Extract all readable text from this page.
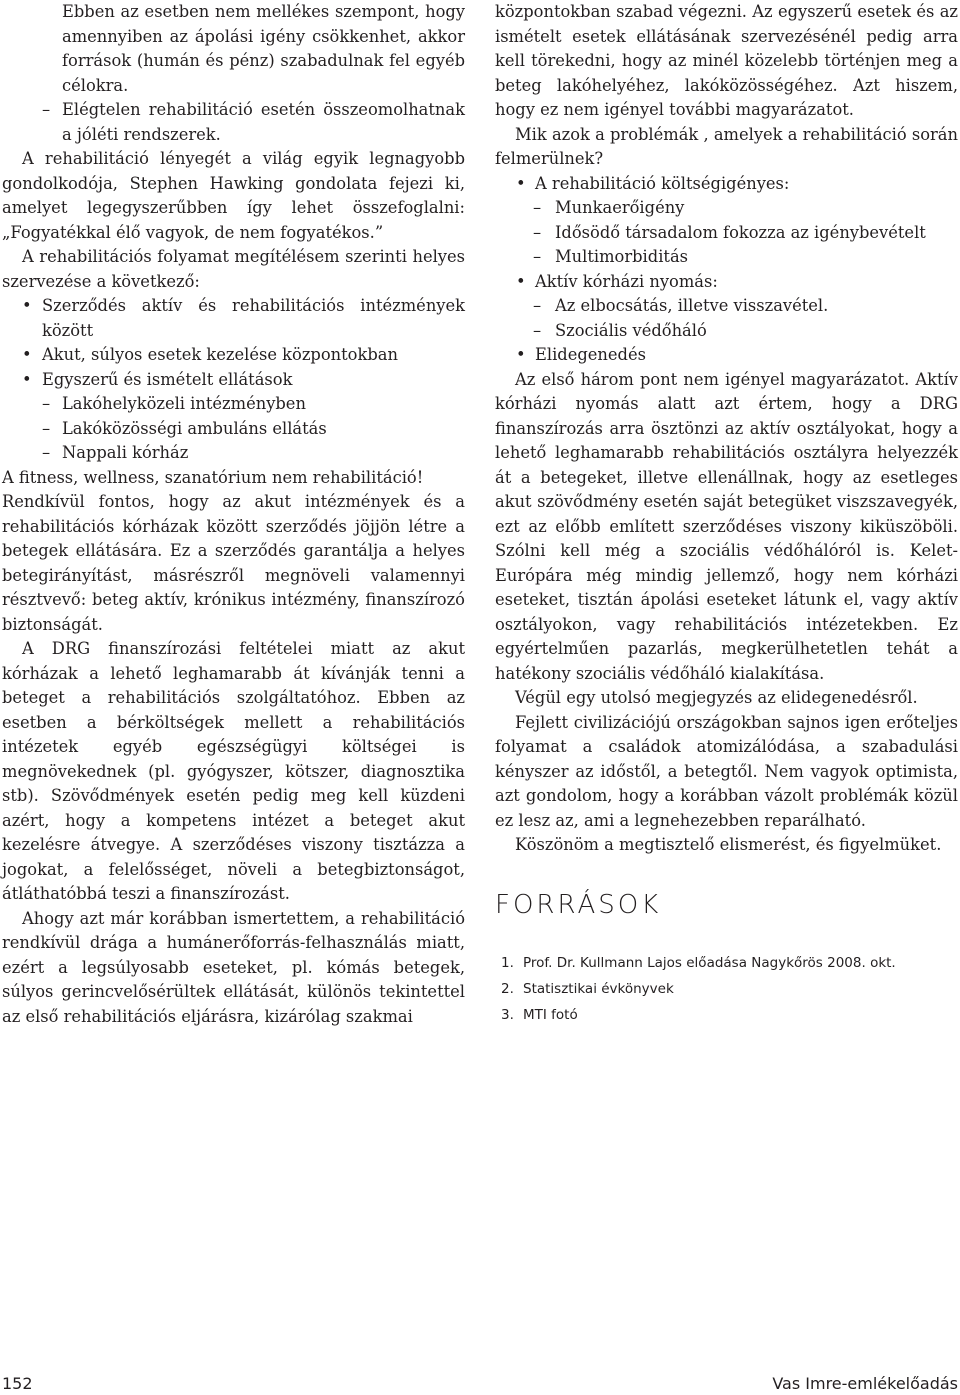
Ebben az esetben nem mellékes szempont, hogy amennyiben az ápolási igény csökkenhet, akkor források (humán és pénz) szabadulnak fel egyéb célokra.

– Elégtelen rehabilitáció esetén összeomolhatnak a jóléti rendszerek.

A rehabilitáció lényegét a világ egyik legnagyobb gondolkodója, Stephen Hawking gondolata fejezi ki, amelyet legegyszerűbben így lehet összefoglalni: „Fogyatékkal élő vagyok, de nem fogyatékos.”

A rehabilitációs folyamat megítélésem szerinti helyes szervezése a következő:

• Szerződés aktív és rehabilitációs intézmények között

• Akut, súlyos esetek kezelése központokban

• Egyszerű és ismételt ellátások

– Lakóhelyközeli intézményben

– Lakóközösségi ambuláns ellátás

– Nappali kórház

A fitness, wellness, szanatórium nem rehabilitáció!

Rendkívül fontos, hogy az akut intézmények és a rehabilitációs kórházak között szerződés jöjjön létre a betegek ellátására. Ez a szerződés garantálja a helyes betegirányítást, másrészről megnöveli valamennyi résztvevő: beteg aktív, krónikus intézmény, finanszírozó biztonságát.

A DRG finanszírozási feltételei miatt az akut kórházak a lehető leghamarabb át kívánják tenni a beteget a rehabilitációs szolgáltatóhoz. Ebben az esetben a bérköltségek mellett a rehabilitációs intézetek egyéb egészségügyi költségei is megnövekednek (pl. gyógyszer, kötszer, diagnosztika stb). Szövődmények esetén pedig meg kell küzdeni azért, hogy a kompetens intézet a beteget akut kezelésre átvegye. A szerződéses viszony tisztázza a jogokat, a felelősséget, növeli a betegbiztonságot, átláthatóbbá teszi a finanszírozást.

Ahogy azt már korábban ismertettem, a rehabilitáció rendkívül drága a humánerőforrás-felhasználás miatt, ezért a legsúlyosabb eseteket, pl. kómás betegek, súlyos gerincvelősérültek ellátását, különös tekintettel az első rehabilitációs eljárásra, kizárólag szakmai

központokban szabad végezni. Az egyszerű esetek és az ismételt esetek ellátásának szervezésénél pedig arra kell törekedni, hogy az minél közelebb történjen meg a beteg lakóhelyéhez, lakóközösségéhez. Azt hiszem, hogy ez nem igényel további magyarázatot.

Mik azok a problémák , amelyek a rehabilitáció során felmerülnek?

• A rehabilitáció költségigényes:

– Munkaerőigény

– Idősödő társadalom fokozza az igénybevételt

– Multimorbiditás

• Aktív kórházi nyomás:

– Az elbocsátás, illetve visszavétel.

– Szociális védőháló

• Elidegenedés

Az első három pont nem igényel magyarázatot. Aktív kórházi nyomás alatt azt értem, hogy a DRG finanszírozás arra ösztönzi az aktív osztályokat, hogy a lehető leghamarabb rehabilitációs osztályra helyezzék át a betegeket, illetve ellenállnak, hogy az esetleges akut szövődmény esetén saját betegüket viszszavegyék, ezt az előbb említett szerződéses viszony kiküszöböli. Szólni kell még a szociális védőhálóról is. Kelet-Európára még mindig jellemző, hogy nem kórházi eseteket, tisztán ápolási eseteket látunk el, vagy aktív osztályokon, vagy rehabilitációs intézetekben. Ez egyértelműen pazarlás, megkerülhetetlen tehát a hatékony szociális védőháló kialakítása.

Végül egy utolsó megjegyzés az elidegenedésről.

Fejlett civilizációjú országokban sajnos igen erőteljes folyamat a családok atomizálódása, a szabadulási kényszer az időstől, a betegtől. Nem vagyok optimista, azt gondolom, hogy a korábban vázolt problémák közül ez lesz az, ami a legnehezebben reparálható.

Köszönöm a megtisztelő elismerést, és figyelmüket.

FORRÁSOK
1. Prof. Dr. Kullmann Lajos előadása Nagykőrös 2008. okt.
2. Statisztikai évkönyvek
3. MTI fotó
152	Vas Imre-emlékelőadás
